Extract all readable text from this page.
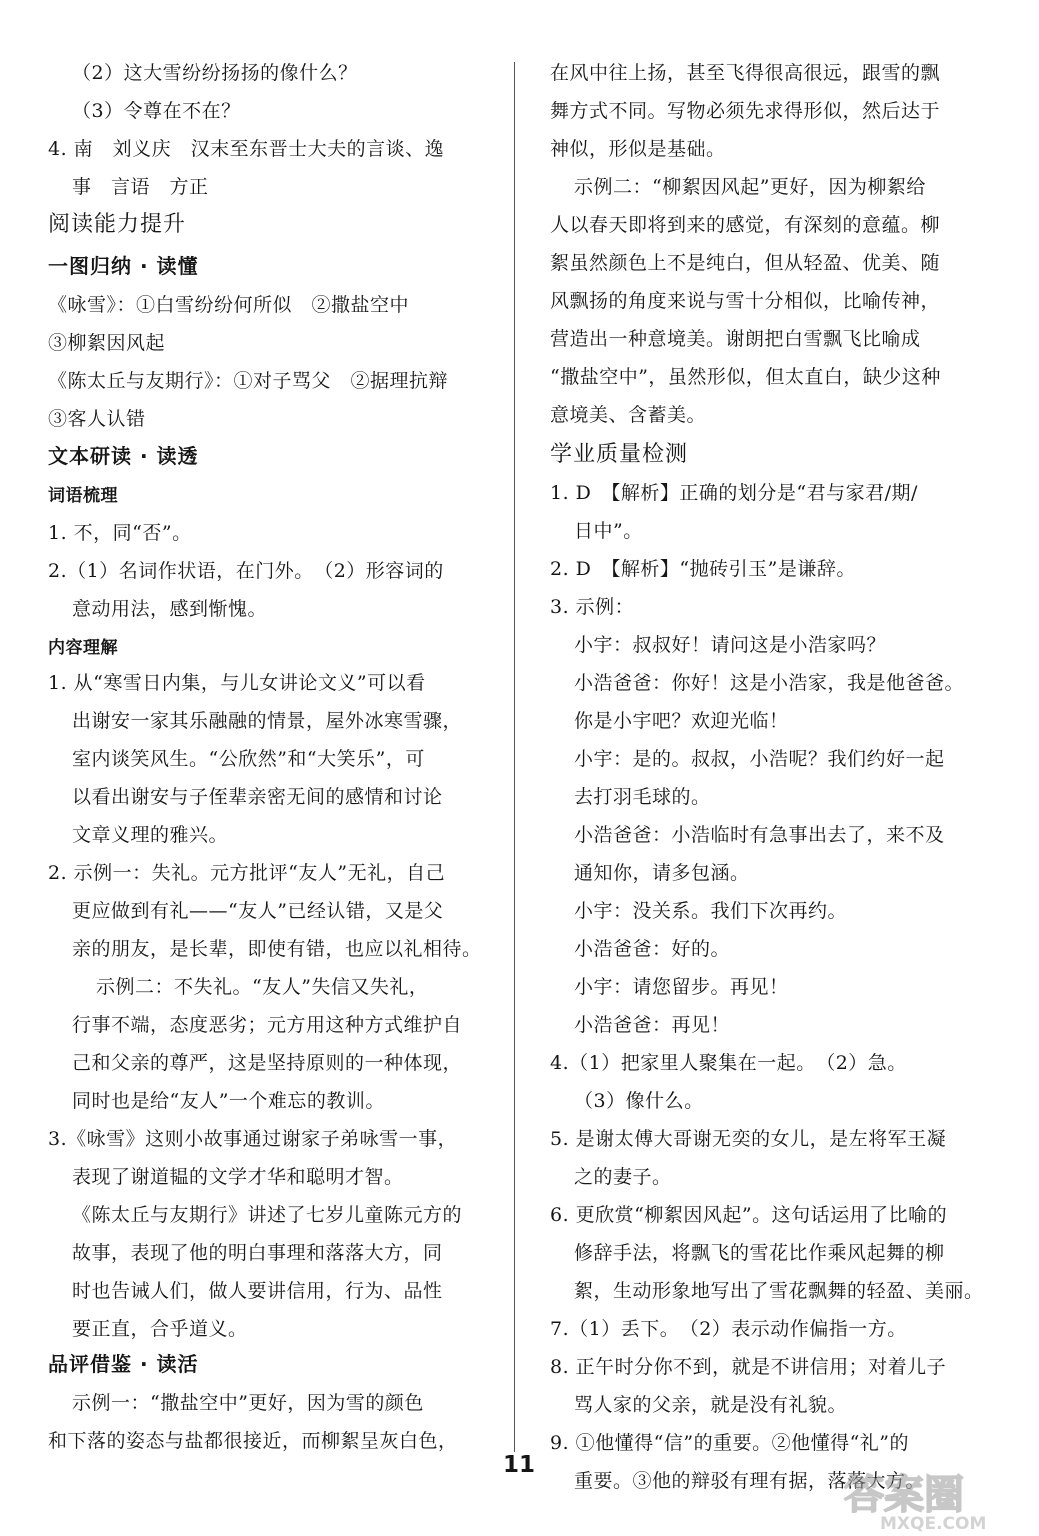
（2）这大雪纷纷扬扬的像什么？
（3）令尊在不在？
4. 南　刘义庆　汉末至东晋士大夫的言谈、逸
事　言语　方正
阅读能力提升
一图归纳 · 读懂
《咏雪》：①白雪纷纷何所似　②撒盐空中
③柳絮因风起
《陈太丘与友期行》：①对子骂父　②据理抗辩
③客人认错
文本研读 · 读透
词语梳理
1. 不，同“否”。
2.（1）名词作状语，在门外。　（2）形容词的
意动用法，感到惭愧。
内容理解
1. 从“寒雪日内集，与儿女讲论文义”可以看
出谢安一家其乐融融的情景，屋外冰寒雪骤，
室内谈笑风生。“公欣然”和“大笑乐”，可
以看出谢安与子侄辈亲密无间的感情和讨论
文章义理的雅兴。
2. 示例一：失礼。元方批评“友人”无礼，自己
更应做到有礼——“友人”已经认错，又是父
亲的朋友，是长辈，即使有错，也应以礼相待。
示例二：不失礼。“友人”失信又失礼，
行事不端，态度恶劣；元方用这种方式维护自
己和父亲的尊严，这是坚持原则的一种体现，
同时也是给“友人”一个难忘的教训。
3.《咏雪》这则小故事通过谢家子弟咏雪一事，
表现了谢道韫的文学才华和聪明才智。
《陈太丘与友期行》讲述了七岁儿童陈元方的
故事，表现了他的明白事理和落落大方，同
时也告诫人们，做人要讲信用，行为、品性
要正直，合乎道义。
品评借鉴 · 读活
示例一：“撒盐空中”更好，因为雪的颜色
和下落的姿态与盐都很接近，而柳絮呈灰白色，
在风中往上扬，甚至飞得很高很远，跟雪的飘
舞方式不同。写物必须先求得形似，然后达于
神似，形似是基础。
示例二：“柳絮因风起”更好，因为柳絮给
人以春天即将到来的感觉，有深刻的意蕴。柳
絮虽然颜色上不是纯白，但从轻盈、优美、随
风飘扬的角度来说与雪十分相似，比喻传神，
营造出一种意境美。谢朗把白雪飘飞比喻成
“撒盐空中”，虽然形似，但太直白，缺少这种
意境美、含蓄美。
学业质量检测
1. D　【解析】正确的划分是“君与家君/期/
日中”。
2. D　【解析】“抛砖引玉”是谦辞。
3. 示例：
小宇：叔叔好！请问这是小浩家吗？
小浩爸爸：你好！这是小浩家，我是他爸爸。
你是小宇吧？欢迎光临！
小宇：是的。叔叔，小浩呢？我们约好一起
去打羽毛球的。
小浩爸爸：小浩临时有急事出去了，来不及
通知你，请多包涵。
小宇：没关系。我们下次再约。
小浩爸爸：好的。
小宇：请您留步。再见！
小浩爸爸：再见！
4.（1）把家里人聚集在一起。　（2）急。
（3）像什么。
5. 是谢太傅大哥谢无奕的女儿，是左将军王凝
之的妻子。
6. 更欣赏“柳絮因风起”。这句话运用了比喻的
修辞手法，将飘飞的雪花比作乘风起舞的柳
絮，生动形象地写出了雪花飘舞的轻盈、美丽。
7.（1）丢下。　（2）表示动作偏指一方。
8. 正午时分你不到，就是不讲信用；对着儿子
骂人家的父亲，就是没有礼貌。
9. ①他懂得“信”的重要。②他懂得“礼”的
重要。③他的辩驳有理有据，落落大方。
11
答案圈
MXQE.COM
